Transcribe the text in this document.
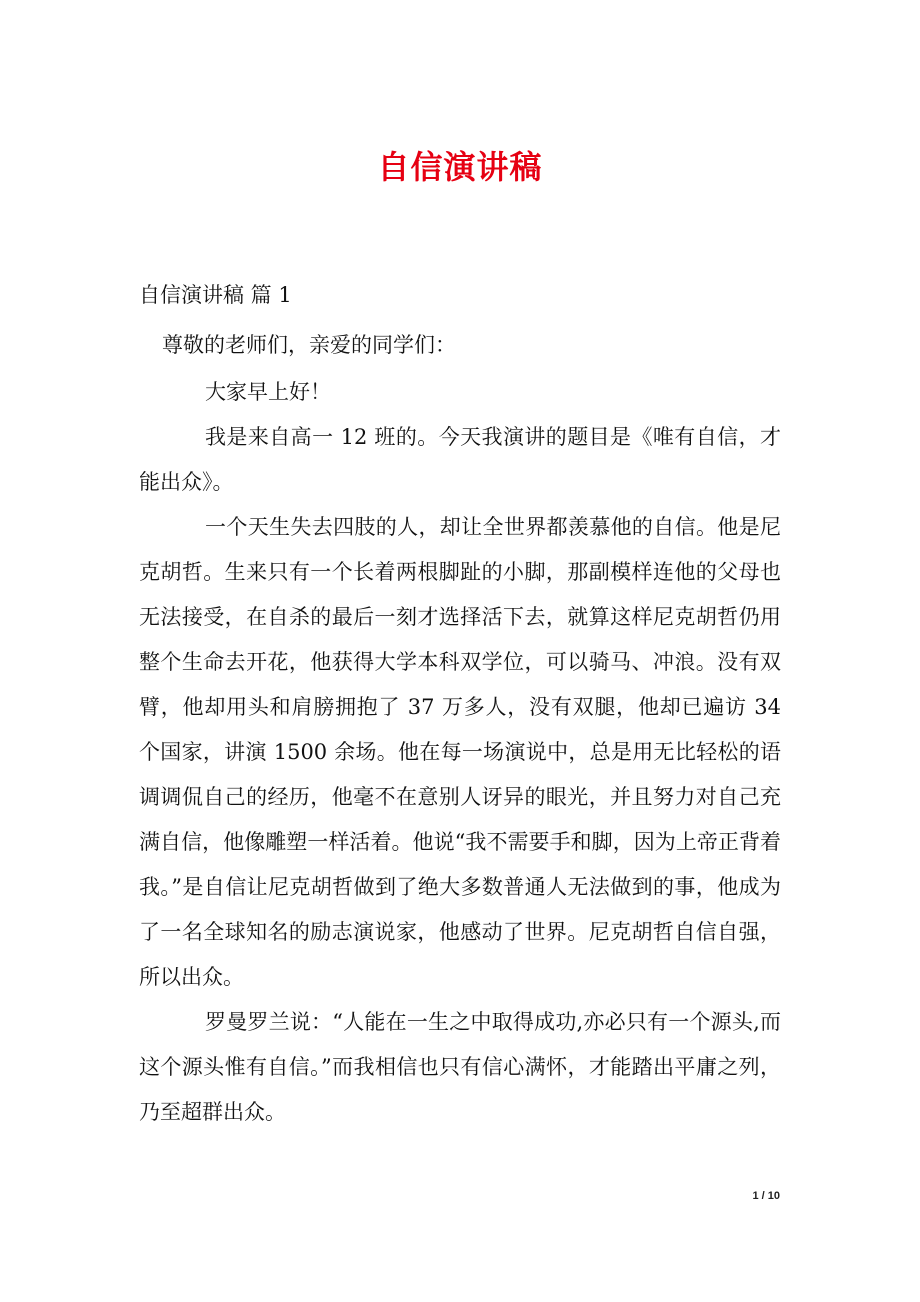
自信演讲稿
自信演讲稿 篇 1
尊敬的老师们，亲爱的同学们：

大家早上好！

我是来自高一 12 班的。今天我演讲的题目是《唯有自信，才能出众》。

一个天生失去四肢的人，却让全世界都羡慕他的自信。他是尼克胡哲。生来只有一个长着两根脚趾的小脚，那副模样连他的父母也无法接受，在自杀的最后一刻才选择活下去，就算这样尼克胡哲仍用整个生命去开花，他获得大学本科双学位，可以骑马、冲浪。没有双臂，他却用头和肩膀拥抱了 37 万多人，没有双腿，他却已遍访 34 个国家，讲演 1500 余场。他在每一场演说中，总是用无比轻松的语调调侃自己的经历，他毫不在意别人讶异的眼光，并且努力对自己充满自信，他像雕塑一样活着。他说“我不需要手和脚，因为上帝正背着我。”是自信让尼克胡哲做到了绝大多数普通人无法做到的事，他成为了一名全球知名的励志演说家，他感动了世界。尼克胡哲自信自强，所以出众。

罗曼罗兰说：“人能在一生之中取得成功,亦必只有一个源头,而这个源头惟有自信。”而我相信也只有信心满怀，才能踏出平庸之列，乃至超群出众。

1 / 10
